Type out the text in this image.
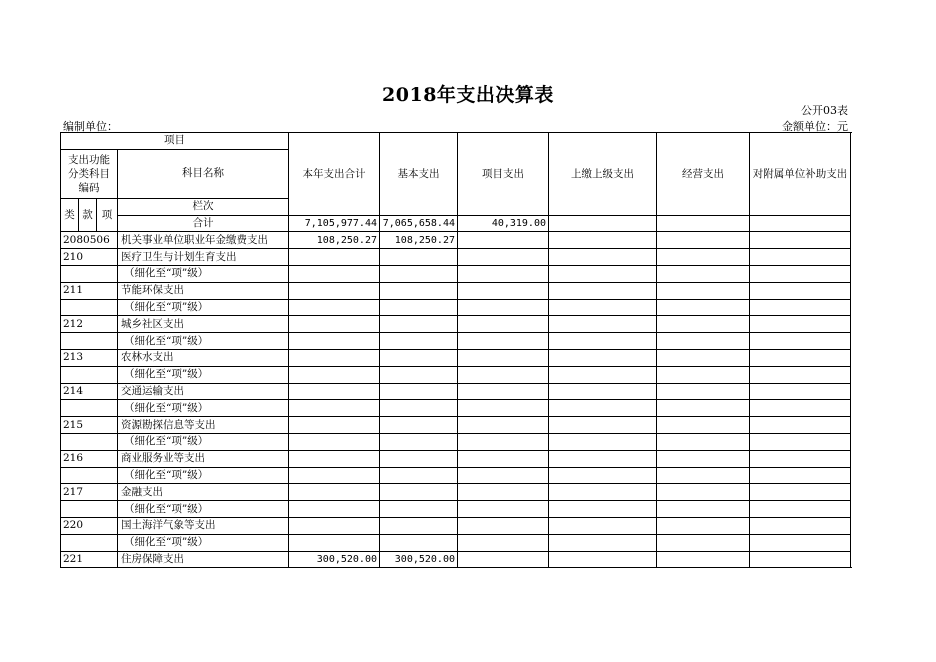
2018年支出决算表
公开03表
编制单位：	金额单位：元
项目				本年支出合计	基本支出	项目支出	上缴上级支出	经营支出	对附属单位补助支出	
支出功能分类科目编码			科目名称							
类	款	项	栏次						
			合计	7,105,977.44	7,065,658.44	40,319.00				
2080506			机关事业单位职业年金缴费支出	108,250.27	108,250.27					
210			医疗卫生与计划生育支出							
			（细化至“项”级）							
211			节能环保支出							
			（细化至“项”级）							
212			城乡社区支出							
			（细化至“项”级）							
213			农林水支出							
			（细化至“项”级）							
214			交通运输支出							
			（细化至“项”级）							
215			资源勘探信息等支出							
			（细化至“项”级）							
216			商业服务业等支出							
			（细化至“项”级）							
217			金融支出							
			（细化至“项”级）							
220			国土海洋气象等支出							
			（细化至“项”级）							
221			住房保障支出	300,520.00	300,520.00					
